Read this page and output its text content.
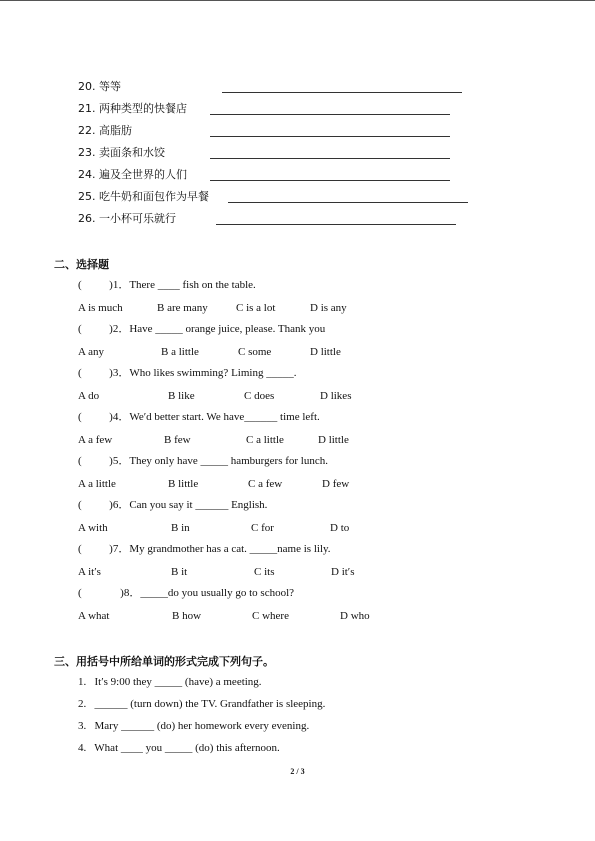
20. 等等
21. 两种类型的快餐店
22. 高脂肪
23. 卖面条和水饺
24. 遍及全世界的人们
25. 吃牛奶和面包作为早餐
26. 一小杯可乐就行
二、选择题
(          )1．There ____ fish on the table.
A is much	B are many	C is a lot	D is any
(          )2．Have _____ orange juice, please. Thank you
A any	B a little	C some	D little
(          )3．Who likes swimming? Liming _____.
A do	B like	C does	D likes
(          )4．We′d better start. We have______ time left.
A a few	B few	C a little	D little
(          )5．They only have _____ hamburgers for lunch.
A a little	B little	C a few	D few
(          )6．Can you say it ______ English.
A with	B in	C for	D to
(          )7．My grandmother has a cat. _____name is lily.
A it′s	B it	C its	D it′s
(              )8．_____do you usually go to school?
A what	B how	C where	D who
三、用括号中所给单词的形式完成下列句子。
1.   It′s 9:00 they _____ (have) a meeting.
2.   ______ (turn down) the TV. Grandfather is sleeping.
3.   Mary ______ (do) her homework every evening.
4.   What ____ you _____ (do) this afternoon.
2 / 3
